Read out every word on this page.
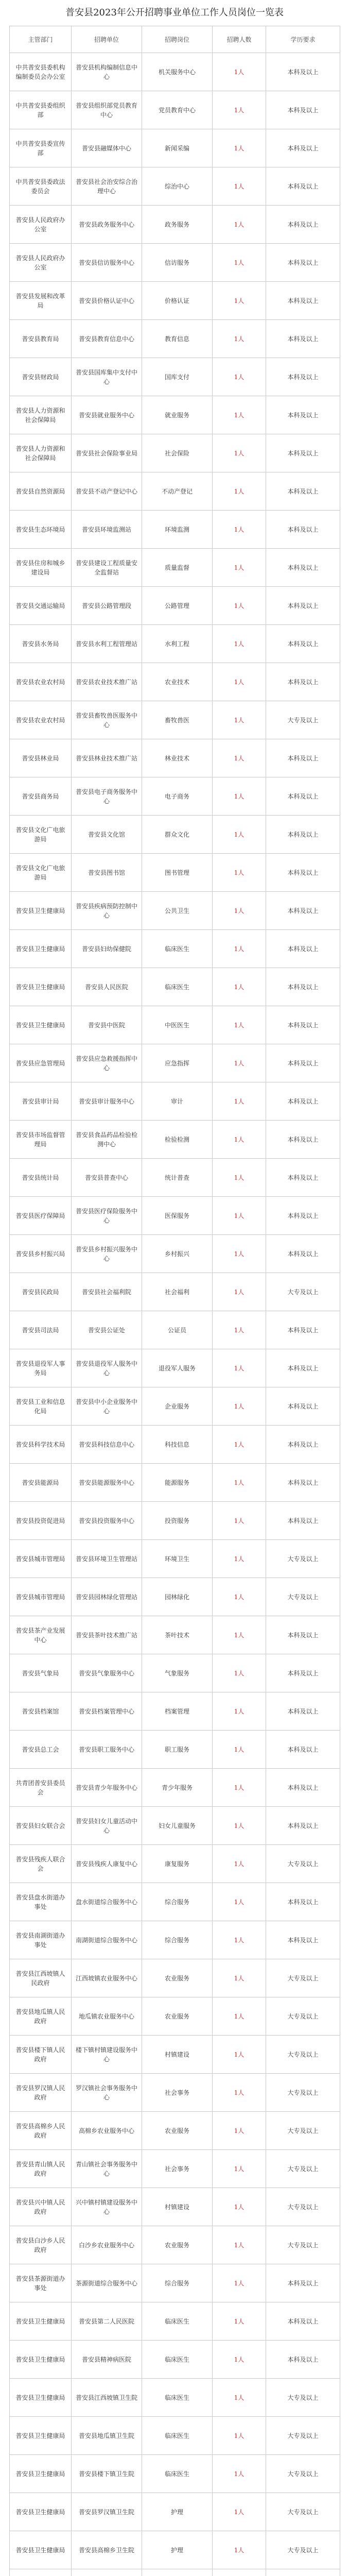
普安县2023年公开招聘事业单位工作人员岗位一览表
主管部门	招聘单位	招聘岗位	招聘人数	学历要求
中共普安县委机构编制委员会办公室	普安县机构编制信息中心	机关服务中心	1人	本科及以上
中共普安县委组织部	普安县组织部党员教育中心	党员教育中心	1人	本科及以上
中共普安县委宣传部	普安县融媒体中心	新闻采编	1人	本科及以上
中共普安县委政法委员会	普安县社会治安综合治理中心	综治中心	1人	本科及以上
普安县人民政府办公室	普安县政务服务中心	政务服务	1人	本科及以上
普安县人民政府办公室	普安县信访服务中心	信访服务	1人	本科及以上
普安县发展和改革局	普安县价格认证中心	价格认证	1人	本科及以上
普安县教育局	普安县教育信息中心	教育信息	1人	本科及以上
普安县财政局	普安县国库集中支付中心	国库支付	1人	本科及以上
普安县人力资源和社会保障局	普安县就业服务中心	就业服务	1人	本科及以上
普安县人力资源和社会保障局	普安县社会保险事业局	社会保险	1人	本科及以上
普安县自然资源局	普安县不动产登记中心	不动产登记	1人	本科及以上
普安县生态环境局	普安县环境监测站	环境监测	1人	本科及以上
普安县住房和城乡建设局	普安县建设工程质量安全监督站	质量监督	1人	本科及以上
普安县交通运输局	普安县公路管理段	公路管理	1人	本科及以上
普安县水务局	普安县水利工程管理站	水利工程	1人	本科及以上
普安县农业农村局	普安县农业技术推广站	农业技术	1人	本科及以上
普安县农业农村局	普安县畜牧兽医服务中心	畜牧兽医	1人	大专及以上
普安县林业局	普安县林业技术推广站	林业技术	1人	本科及以上
普安县商务局	普安县电子商务服务中心	电子商务	1人	本科及以上
普安县文化广电旅游局	普安县文化馆	群众文化	1人	本科及以上
普安县文化广电旅游局	普安县图书馆	图书管理	1人	本科及以上
普安县卫生健康局	普安县疾病预防控制中心	公共卫生	1人	本科及以上
普安县卫生健康局	普安县妇幼保健院	临床医生	1人	本科及以上
普安县卫生健康局	普安县人民医院	临床医生	1人	本科及以上
普安县卫生健康局	普安县中医院	中医医生	1人	本科及以上
普安县应急管理局	普安县应急救援指挥中心	应急指挥	1人	本科及以上
普安县审计局	普安县审计服务中心	审计	1人	本科及以上
普安县市场监督管理局	普安县食品药品检验检测中心	检验检测	1人	本科及以上
普安县统计局	普安县普查中心	统计普查	1人	本科及以上
普安县医疗保障局	普安县医疗保险服务中心	医保服务	1人	本科及以上
普安县乡村振兴局	普安县乡村振兴服务中心	乡村振兴	1人	本科及以上
普安县民政局	普安县社会福利院	社会福利	1人	大专及以上
普安县司法局	普安县公证处	公证员	1人	本科及以上
普安县退役军人事务局	普安县退役军人服务中心	退役军人服务	1人	本科及以上
普安县工业和信息化局	普安县中小企业服务中心	企业服务	1人	本科及以上
普安县科学技术局	普安县科技信息中心	科技信息	1人	本科及以上
普安县能源局	普安县能源服务中心	能源服务	1人	本科及以上
普安县投资促进局	普安县投资服务中心	投资服务	1人	本科及以上
普安县城市管理局	普安县环境卫生管理站	环境卫生	1人	大专及以上
普安县城市管理局	普安县园林绿化管理站	园林绿化	1人	大专及以上
普安县茶产业发展中心	普安县茶叶技术推广站	茶叶技术	1人	本科及以上
普安县气象局	普安县气象服务中心	气象服务	1人	本科及以上
普安县档案馆	普安县档案管理中心	档案管理	1人	本科及以上
普安县总工会	普安县职工服务中心	职工服务	1人	本科及以上
共青团普安县委员会	普安县青少年服务中心	青少年服务	1人	本科及以上
普安县妇女联合会	普安县妇女儿童活动中心	妇女儿童服务	1人	本科及以上
普安县残疾人联合会	普安县残疾人康复中心	康复服务	1人	大专及以上
普安县盘水街道办事处	盘水街道综合服务中心	综合服务	1人	本科及以上
普安县南湖街道办事处	南湖街道综合服务中心	综合服务	1人	本科及以上
普安县江西坡镇人民政府	江西坡镇农业服务中心	农业服务	1人	大专及以上
普安县地瓜镇人民政府	地瓜镇农业服务中心	农业服务	1人	大专及以上
普安县楼下镇人民政府	楼下镇村镇建设服务中心	村镇建设	1人	大专及以上
普安县罗汉镇人民政府	罗汉镇社会事务服务中心	社会事务	1人	大专及以上
普安县高棉乡人民政府	高棉乡农业服务中心	农业服务	1人	大专及以上
普安县青山镇人民政府	青山镇社会事务服务中心	社会事务	1人	大专及以上
普安县兴中镇人民政府	兴中镇村镇建设服务中心	村镇建设	1人	大专及以上
普安县白沙乡人民政府	白沙乡农业服务中心	农业服务	1人	大专及以上
普安县茶源街道办事处	茶源街道综合服务中心	综合服务	1人	本科及以上
普安县卫生健康局	普安县第二人民医院	临床医生	1人	本科及以上
普安县卫生健康局	普安县精神病医院	临床医生	1人	本科及以上
普安县卫生健康局	普安县江西坡镇卫生院	临床医生	1人	大专及以上
普安县卫生健康局	普安县地瓜镇卫生院	临床医生	1人	大专及以上
普安县卫生健康局	普安县楼下镇卫生院	临床医生	1人	大专及以上
普安县卫生健康局	普安县罗汉镇卫生院	护理	1人	大专及以上
普安县卫生健康局	普安县高棉乡卫生院	护理	1人	大专及以上
